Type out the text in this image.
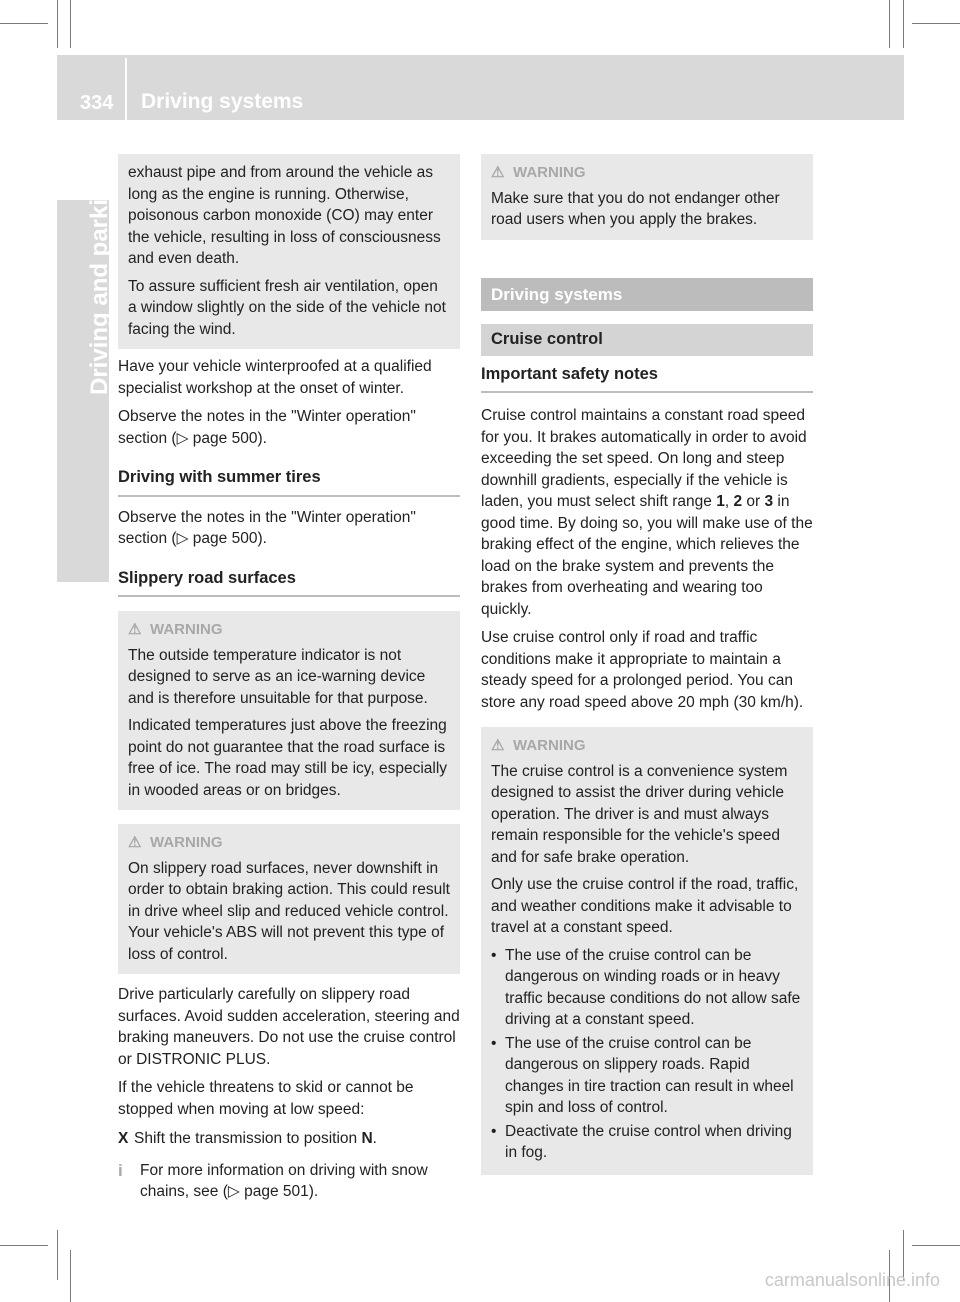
334 Driving systems
Driving and parking exhaust pipe and from around the vehicle as long as the engine is running. Otherwise, poisonous carbon monoxide (CO) may enter the vehicle, resulting in loss of consciousness and even death.

To assure sufficient fresh air ventilation, open a window slightly on the side of the vehicle not facing the wind.

Have your vehicle winterproofed at a qualified specialist workshop at the onset of winter.

Observe the notes in the "Winter operation" section (▷ page 500).

Driving with summer tires

Observe the notes in the "Winter operation" section (▷ page 500).

Slippery road surfaces
⚠ WARNING

The outside temperature indicator is not designed to serve as an ice-warning device and is therefore unsuitable for that purpose.

Indicated temperatures just above the freezing point do not guarantee that the road surface is free of ice. The road may still be icy, especially in wooded areas or on bridges.

⚠ WARNING

On slippery road surfaces, never downshift in order to obtain braking action. This could result in drive wheel slip and reduced vehicle control. Your vehicle's ABS will not prevent this type of loss of control.

Drive particularly carefully on slippery road surfaces. Avoid sudden acceleration, steering and braking maneuvers. Do not use the cruise control or DISTRONIC PLUS.

If the vehicle threatens to skid or cannot be stopped when moving at low speed:

X Shift the transmission to position N.
i	For more information on driving with snow chains, see (▷ page 501).
⚠ WARNING

Make sure that you do not endanger other road users when you apply the brakes.

Driving systems
Cruise control
Important safety notes

Cruise control maintains a constant road speed for you. It brakes automatically in order to avoid exceeding the set speed. On long and steep downhill gradients, especially if the vehicle is laden, you must select shift range 1, 2 or 3 in good time. By doing so, you will make use of the braking effect of the engine, which relieves the load on the brake system and prevents the brakes from overheating and wearing too quickly.

Use cruise control only if road and traffic conditions make it appropriate to maintain a steady speed for a prolonged period. You can store any road speed above 20 mph (30 km/h).

⚠ WARNING

The cruise control is a convenience system designed to assist the driver during vehicle operation. The driver is and must always remain responsible for the vehicle's speed and for safe brake operation.

Only use the cruise control if the road, traffic, and weather conditions make it advisable to travel at a constant speed.

• The use of the cruise control can be dangerous on winding roads or in heavy traffic because conditions do not allow safe driving at a constant speed.
• The use of the cruise control can be dangerous on slippery roads. Rapid changes in tire traction can result in wheel spin and loss of control.
• Deactivate the cruise control when driving in fog.
carmanualsonline.info
